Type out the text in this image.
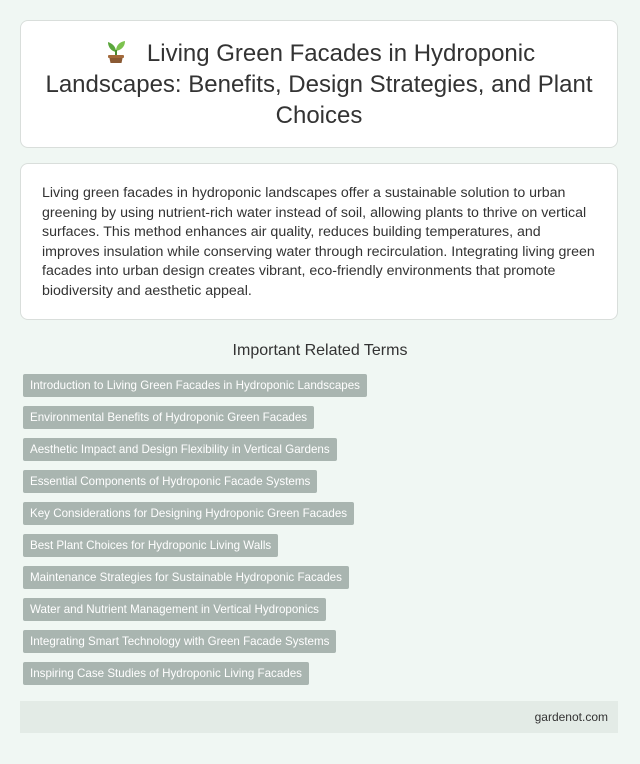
Living Green Facades in Hydroponic Landscapes: Benefits, Design Strategies, and Plant Choices

Living green facades in hydroponic landscapes offer a sustainable solution to urban greening by using nutrient-rich water instead of soil, allowing plants to thrive on vertical surfaces. This method enhances air quality, reduces building temperatures, and improves insulation while conserving water through recirculation. Integrating living green facades into urban design creates vibrant, eco-friendly environments that promote biodiversity and aesthetic appeal.

Important Related Terms
Introduction to Living Green Facades in Hydroponic Landscapes
Environmental Benefits of Hydroponic Green Facades
Aesthetic Impact and Design Flexibility in Vertical Gardens
Essential Components of Hydroponic Facade Systems
Key Considerations for Designing Hydroponic Green Facades
Best Plant Choices for Hydroponic Living Walls
Maintenance Strategies for Sustainable Hydroponic Facades
Water and Nutrient Management in Vertical Hydroponics
Integrating Smart Technology with Green Facade Systems
Inspiring Case Studies of Hydroponic Living Facades
gardenot.com
